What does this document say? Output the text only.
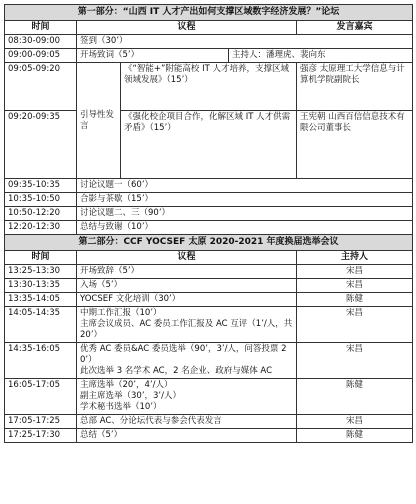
第一部分：“山西 IT 人才产出如何支撑区域数字经济发展？”论坛				
时间	议程			发言嘉宾
08:30-09:00	签到（30’）			
09:00-09:05	开场致词（5’）		主持人：潘理虎、裴向东	
09:05-09:20	引导性发言	《“智能+”附能高校 IT 人才培养，支撑区域领域发展》（15’）		强彦 太原理工大学信息与计算机学院副院长
09:20-09:35		《强化校企项目合作，化解区域 IT 人才供需矛盾》（15’）		王宪朝 山西百信信息技术有限公司董事长
09:35-10:35	讨论议题一（60’）			
10:35-10:50	合影与茶歇（15’）			
10:50-12:20	讨论议题二、三（90’）			
12:20-12:30	总结与致谢（10’）			
第二部分：CCF YOCSEF 太原 2020-2021 年度换届选举会议				
时间	议程			主持人
13:25-13:30	开场致辞（5’）			宋昌
13:30-13:35	入场（5’）			宋昌
13:35-14:05	YOCSEF 文化培训（30’）			陈健
14:05-14:35	中期工作汇报（10’）
主席会议成员、AC 委员工作汇报及 AC 互评（1’/人，共 20’）			宋昌
14:35-16:05	优秀 AC 委员&AC 委员选举（90’，3’/人，问答投票 20’）
此次选举 3 名学术 AC，2 名企业、政府与媒体 AC			宋昌
16:05-17:05	主席选举（20’，4’/人）
副主席选举（30’，3’/人）
学术秘书选举（10’）			陈健
17:05-17:25	总部 AC、分论坛代表与参会代表发言			宋昌
17:25-17:30	总结（5’）			陈健
